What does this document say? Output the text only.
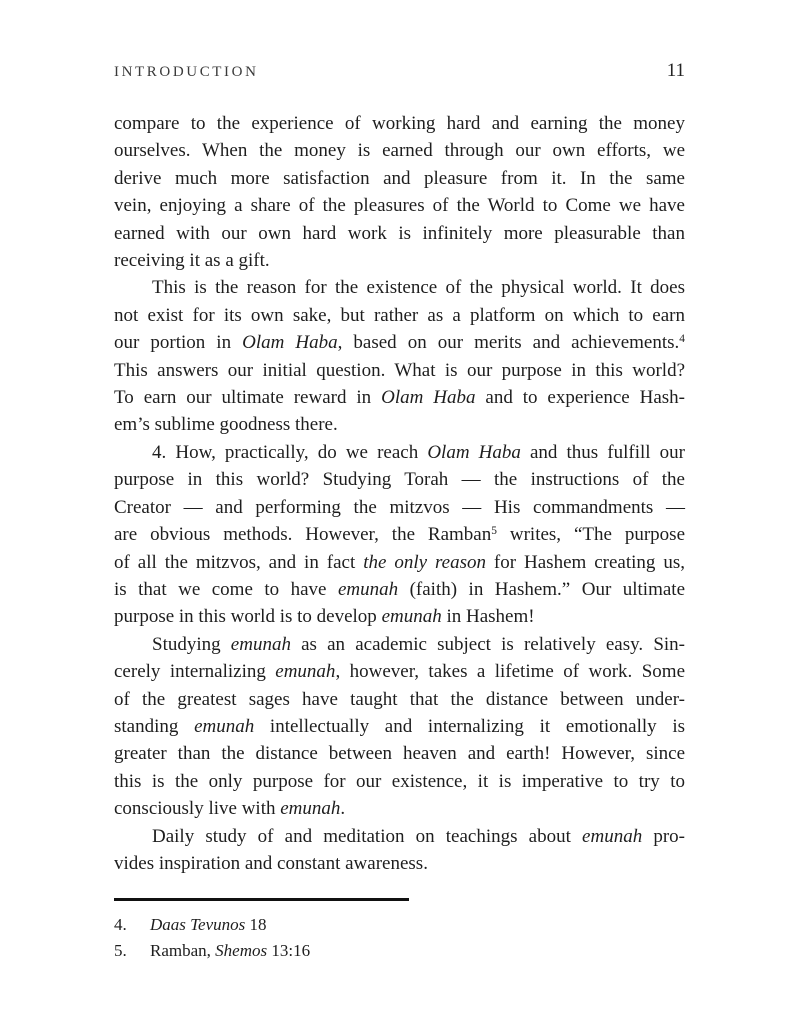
INTRODUCTION	11
compare to the experience of working hard and earning the money
ourselves. When the money is earned through our own efforts, we
derive much more satisfaction and pleasure from it. In the same
vein, enjoying a share of the pleasures of the World to Come we have
earned with our own hard work is infinitely more pleasurable than
receiving it as a gift.
This is the reason for the existence of the physical world. It does
not exist for its own sake, but rather as a platform on which to earn
our portion in Olam Haba, based on our merits and achievements.$^4$
This answers our initial question. What is our purpose in this world?
To earn our ultimate reward in Olam Haba and to experience Hash-
em’s sublime goodness there.
4. How, practically, do we reach Olam Haba and thus fulfill our
purpose in this world? Studying Torah — the instructions of the
Creator — and performing the mitzvos — His commandments —
are obvious methods. However, the Ramban$^5$ writes, “The purpose
of all the mitzvos, and in fact the only reason for Hashem creating us,
is that we come to have emunah (faith) in Hashem.” Our ultimate
purpose in this world is to develop emunah in Hashem!
Studying emunah as an academic subject is relatively easy. Sin-
cerely internalizing emunah, however, takes a lifetime of work. Some
of the greatest sages have taught that the distance between under-
standing emunah intellectually and internalizing it emotionally is
greater than the distance between heaven and earth! However, since
this is the only purpose for our existence, it is imperative to try to
consciously live with emunah.
Daily study of and meditation on teachings about emunah pro-
vides inspiration and constant awareness.
4.	Daas Tevunos 18
5.	Ramban, Shemos 13:16
